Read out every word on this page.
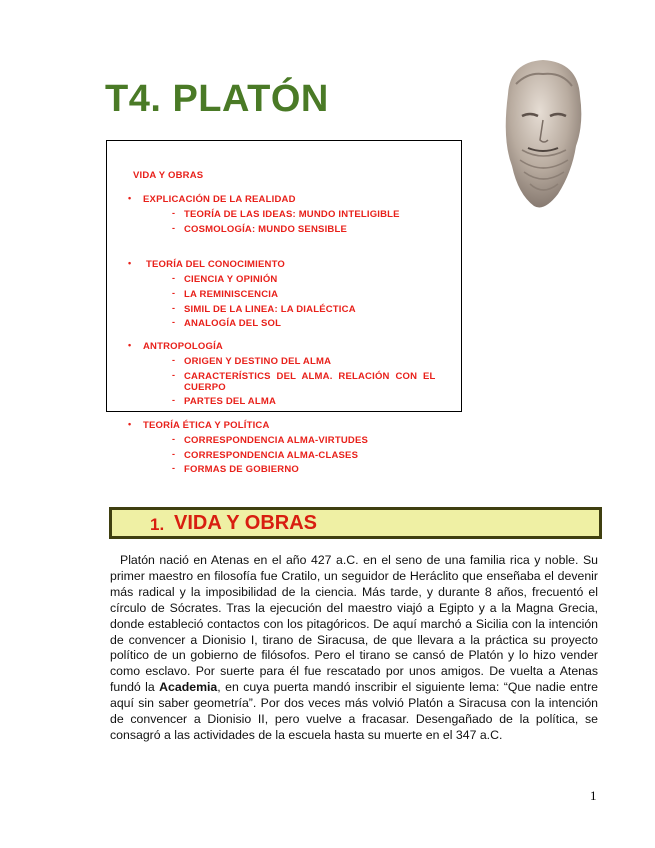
T4. PLATÓN
VIDA Y OBRAS
• EXPLICACIÓN DE LA REALIDAD
- TEORÍA DE LAS IDEAS: MUNDO INTELIGIBLE
- COSMOLOGÍA: MUNDO SENSIBLE
• TEORÍA DEL CONOCIMIENTO
- CIENCIA Y OPINIÓN
- LA REMINISCENCIA
- SIMIL DE LA LINEA: LA DIALÉCTICA
- ANALOGÍA DEL SOL
• ANTROPOLOGÍA
- ORIGEN Y DESTINO DEL ALMA
- CARACTERÍSTICS DEL ALMA. RELACIÓN CON EL
CUERPO
- PARTES DEL ALMA
• TEORÍA ÉTICA Y POLÍTICA
- CORRESPONDENCIA ALMA-VIRTUDES
- CORRESPONDENCIA ALMA-CLASES
- FORMAS DE GOBIERNO
1. VIDA Y OBRAS

Platón nació en Atenas en el año 427 a.C. en el seno de una familia rica y noble. Su primer maestro en filosofía fue Cratilo, un seguidor de Heráclito que enseñaba el devenir más radical y la imposibilidad de la ciencia. Más tarde, y durante 8 años, frecuentó el círculo de Sócrates. Tras la ejecución del maestro viajó a Egipto y a la Magna Grecia, donde estableció contactos con los pitagóricos. De aquí marchó a Sicilia con la intención de convencer a Dionisio I, tirano de Siracusa, de que llevara a la práctica su proyecto político de un gobierno de filósofos. Pero el tirano se cansó de Platón y lo hizo vender como esclavo. Por suerte para él fue rescatado por unos amigos. De vuelta a Atenas fundó la Academia, en cuya puerta mandó inscribir el siguiente lema: “Que nadie entre aquí sin saber geometría”. Por dos veces más volvió Platón a Siracusa con la intención de convencer a Dionisio II, pero vuelve a fracasar. Desengañado de la política, se consagró a las actividades de la escuela hasta su muerte en el 347 a.C.

1
